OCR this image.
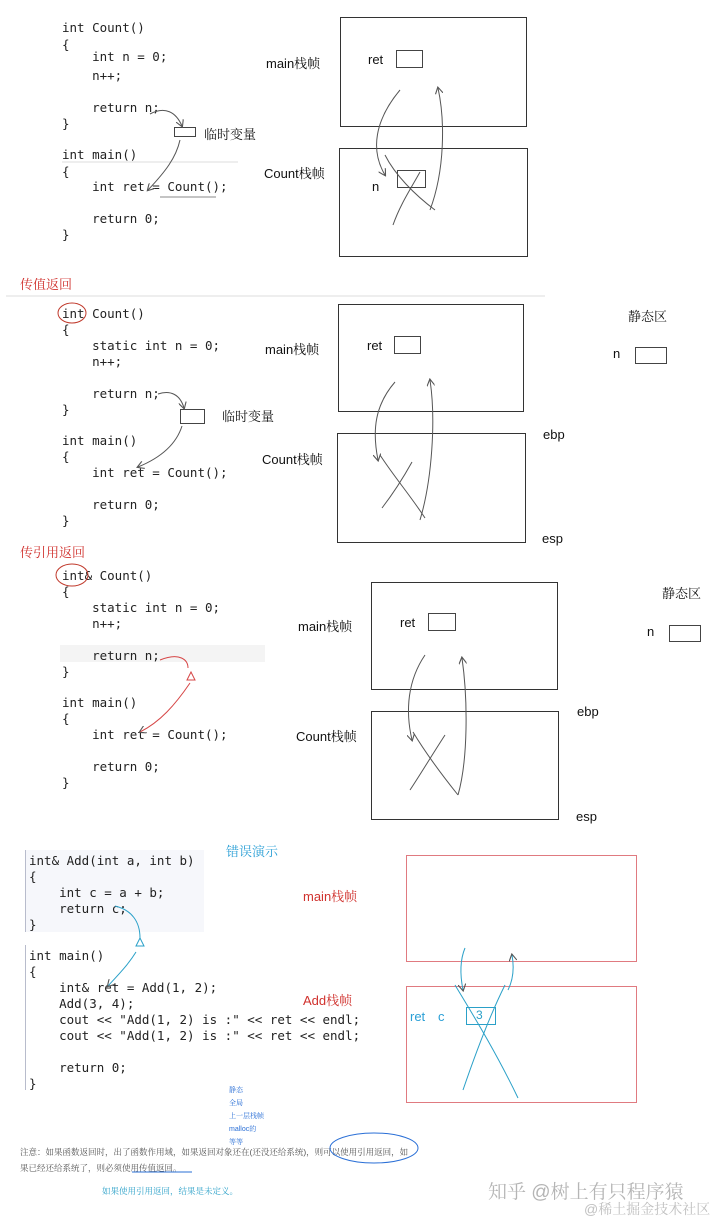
int Count()
{
int n = 0;
n++;
return n;
}
int main()
{
int ret = Count();
return 0;
}
临时变量
main栈帧	ret
Count栈帧
n
传值返回
int Count()
{
static int n = 0;
n++;
return n;
}
int main()
{
int ret = Count();
return 0;
}
临时变量
main栈帧	ret
静态区
n
Count栈帧
ebp
esp
传引用返回
int& Count()
{
static int n = 0;
n++;
return n;
}
int main()
{
int ret = Count();
return 0;
}
main栈帧	ret
静态区
n
Count栈帧
ebp
esp
错误演示
int& Add(int a, int b)
{
int c = a + b;
return c;
}
int main()
{
int& ret = Add(1, 2);
Add(3, 4);
cout << "Add(1, 2) is :" << ret << endl;
cout << "Add(1, 2) is :" << ret << endl;
return 0;
}
main栈帧
Add栈帧
ret c	3
静态
全局
上一层栈帧
malloc的
等等
注意：如果函数返回时，出了函数作用域，如果返回对象还在(还没还给系统)，则可以使用引用返回，如
果已经还给系统了，则必须使用传值返回。
如果使用引用返回，结果是未定义。	知乎 @树上有只程序猿
@稀土掘金技术社区
